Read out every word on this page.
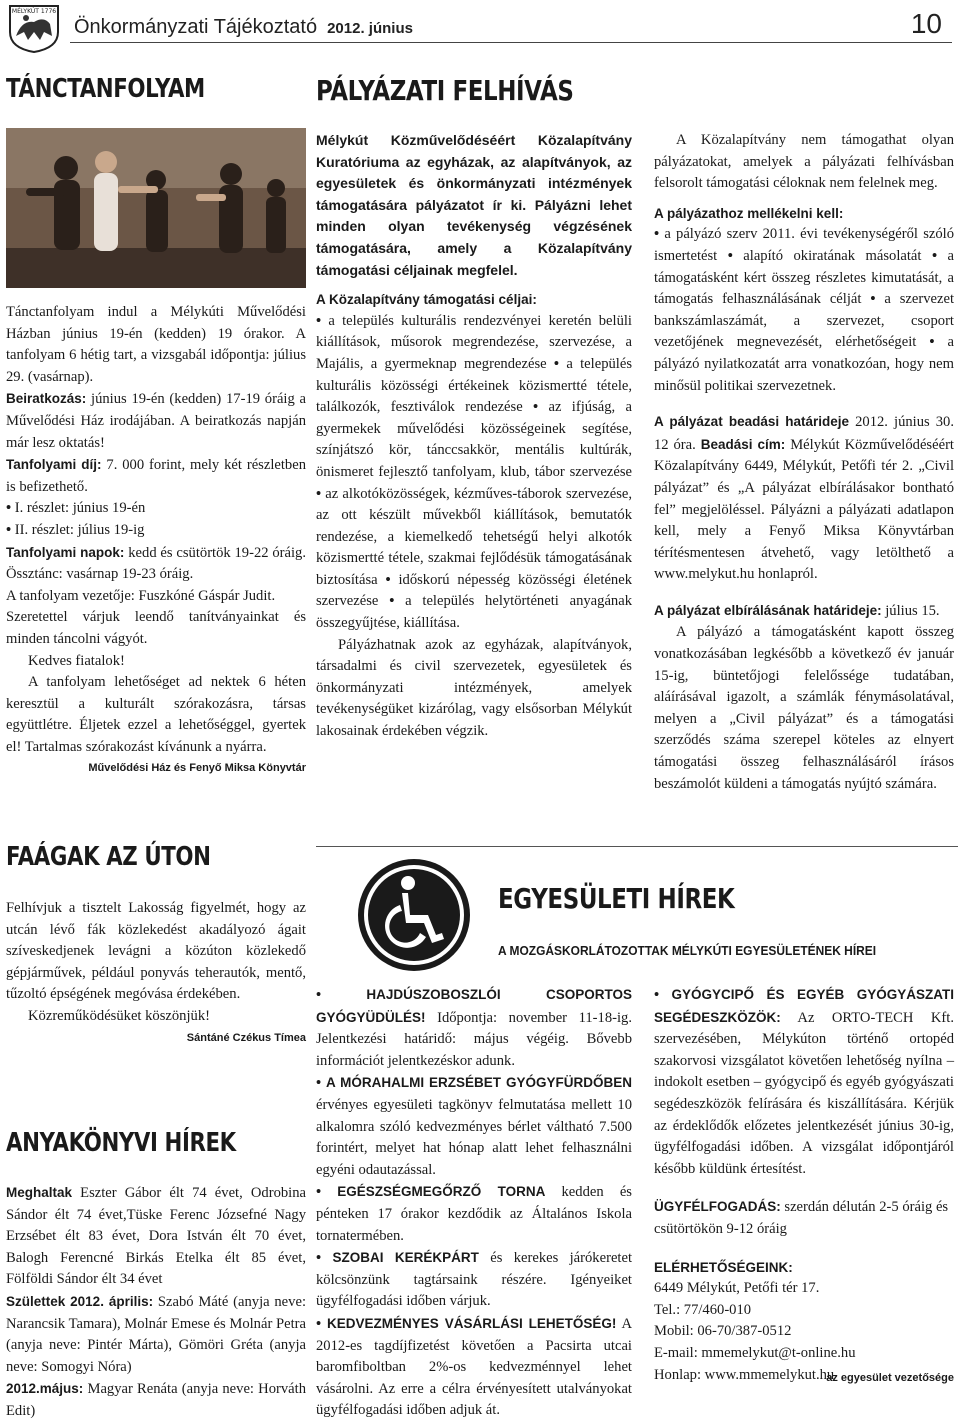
MÉLYKÚT 1776
Önkormányzati Tájékoztató 2012. június	10
TÁNCTANFOLYAM

Tánctanfolyam indul a Mélykúti Művelődési Házban június 19-én (kedden) 19 órakor. A tanfolyam 6 hétig tart, a vizsgabál időpontja: július 29. (vasárnap).

Beiratkozás: június 19-én (kedden) 17-19 óráig a Művelődési Ház irodájában. A beiratkozás napján már lesz oktatás!

Tanfolyami díj: 7. 000 forint, mely két részletben is befizethető.

• I. részlet: június 19-én

• II. részlet: július 19-ig

Tanfolyami napok: kedd és csütörtök 19-22 óráig. Össztánc: vasárnap 19-23 óráig.

A tanfolyam vezetője: Fuszkóné Gáspár Judit.

Szeretettel várjuk leendő tanítványainkat és minden táncolni vágyót.

Kedves fiatalok!

A tanfolyam lehetőséget ad nektek 6 héten keresztül a kulturált szórakozásra, társas együttlétre. Éljetek ezzel a lehetőséggel, gyertek el! Tartalmas szórakozást kívánunk a nyárra.

Művelődési Ház és Fenyő Miksa Könyvtár

FAÁGAK AZ ÚTON

Felhívjuk a tisztelt Lakosság figyelmét, hogy az utcán lévő fák közlekedést akadályozó ágait szíveskedjenek levágni a közúton közlekedő gépjárművek, például ponyvás teherautók, mentő, tűzoltó épségének megóvása érdekében.

Közreműködésüket köszönjük!

Sántáné Czékus Tímea

ANYAKÖNYVI HÍREK

Meghaltak Eszter Gábor élt 74 évet, Odrobina Sándor élt 74 évet,Tüske Ferenc Józsefné Nagy Erzsébet élt 83 évet, Dora István élt 70 évet, Balogh Ferencné Birkás Etelka élt 85 évet, Fölföldi Sándor élt 34 évet

Születtek 2012. április: Szabó Máté (anyja neve: Narancsik Tamara), Molnár Emese és Molnár Petra (anyja neve: Pintér Márta), Gömöri Gréta (anyja neve: Somogyi Nóra)

2012.május: Magyar Renáta (anyja neve: Horváth Edit)

PÁLYÁZATI FELHÍVÁS

Mélykút Közművelődéséért Közalapítvány Kuratóriuma az egyházak, az alapítványok, az egyesületek és önkormányzati intézmények támogatására pályázatot ír ki. Pályázni lehet minden olyan tevékenység végzésének támogatására, amely a Közalapítvány támogatási céljainak megfelel.

A Közalapítvány támogatási céljai:

• a település kulturális rendezvényei keretén belüli kiállítások, műsorok megrendezése, szervezése, a Majális, a gyermeknap megrendezése • a település kulturális közösségi értékeinek közismertté tétele, találkozók, fesztiválok rendezése • az ifjúság, a gyermekek művelődési közösségeinek segítése, színjátszó kör, tánccsakkör, mentális kultúrák, önismeret fejlesztő tanfolyam, klub, tábor szervezése • az alkotóközösségek, kézműves-táborok szervezése, az ott készült művekből kiállítások, bemutatók rendezése, a kiemelkedő tehetségű helyi alkotók közismertté tétele, szakmai fejlődésük támogatásának biztosítása • időskorú népesség közösségi életének szervezése • a település helytörténeti anyagának összegyűjtése, kiállítása.

Pályázhatnak azok az egyházak, alapítványok, társadalmi és civil szervezetek, egyesületek és önkormányzati intézmények, amelyek tevékenységüket kizárólag, vagy elsősorban Mélykút lakosainak érdekében végzik.

A Közalapítvány nem támogathat olyan pályázatokat, amelyek a pályázati felhívásban felsorolt támogatási céloknak nem felelnek meg.

A pályázathoz mellékelni kell:

• a pályázó szerv 2011. évi tevékenységéről szóló ismertetést • alapító okiratának másolatát • a támogatásként kért összeg részletes kimutatását, a támogatás felhasználásának célját • a szervezet bankszámlaszámát, a szervezet, csoport vezetőjének megnevezését, elérhetőségeit • a pályázó nyilatkozatát arra vonatkozóan, hogy nem minősül politikai szervezetnek.

A pályázat beadási határideje 2012. június 30. 12 óra. Beadási cím: Mélykút Közművelődéséért Közalapítvány 6449, Mélykút, Petőfi tér 2. „Civil pályázat” és „A pályázat elbírálásakor bontható fel” megjelöléssel. Pályázni a pályázati adatlapon kell, mely a Fenyő Miksa Könyvtárban térítésmentesen átvehető, vagy letölthető a www.melykut.hu honlapról.

A pályázat elbírálásának határideje: július 15.

A pályázó a támogatásként kapott összeg vonatkozásában legkésőbb a következő év január 15-ig, büntetőjogi felelőssége tudatában, aláírásával igazolt, a számlák fénymásolatával, melyen a „Civil pályázat” és a támogatási szerződés száma szerepel köteles az elnyert támogatási összeg felhasználásáról írásos beszámolót küldeni a támogatás nyújtó számára.

EGYESÜLETI HÍREK
A MOZGÁSKORLÁTOZOTTAK MÉLYKÚTI EGYESÜLETÉNEK HÍREI

• HAJDÚSZOBOSZLÓI CSOPORTOS GYÓGYÜDÜLÉS! Időpontja: november 11-18-ig. Jelentkezési határidő: május végéig. Bővebb információt jelentkezéskor adunk.

• A MÓRAHALMI ERZSÉBET GYÓGYFÜRDŐBEN érvényes egyesületi tagkönyv felmutatása mellett 10 alkalomra szóló kedvezményes bérlet váltható 7.500 forintért, melyet hat hónap alatt lehet felhasználni egyéni odautazással.

• EGÉSZSÉGMEGŐRZŐ TORNA kedden és pénteken 17 órakor kezdődik az Általános Iskola tornatermében.

• SZOBAI KERÉKPÁRT és kerekes járókeretet kölcsönzünk tagtársaink részére. Igényeiket ügyfélfogadási időben várjuk.

• KEDVEZMÉNYES VÁSÁRLÁSI LEHETŐSÉG! A 2012-es tagdíjfizetést követően a Pacsirta utcai baromfiboltban 2%-os kedvezménnyel lehet vásárolni. Az erre a célra érvényesített utalványokat ügyfélfogadási időben adjuk át.

• GYÓGYCIPŐ ÉS EGYÉB GYÓGYÁSZATI SEGÉDESZKÖZÖK: Az ORTO-TECH Kft. szervezésében, Mélykúton történő ortopéd szakorvosi vizsgálatot követően lehetőség nyílna – indokolt esetben – gyógycipő és egyéb gyógyászati segédeszközök felírására és kiszállítására. Kérjük az érdeklődők előzetes jelentkezését június 30-ig, ügyfélfogadási időben. A vizsgálat időpontjáról később küldünk értesítést.

ÜGYFÉLFOGADÁS: szerdán délután 2-5 óráig és csütörtökön 9-12 óráig

ELÉRHETŐSÉGEINK:

6449 Mélykút, Petőfi tér 17.

Tel.: 77/460-010

Mobil: 06-70/387-0512

E-mail: mmemelykut@t-online.hu

Honlap: www.mmemelykut.hu

az egyesület vezetősége
